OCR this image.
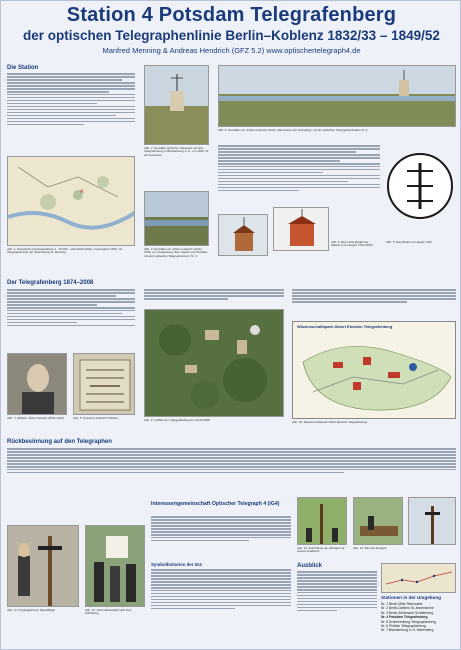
Station 4 Potsdam Telegrafenberg
der optischen Telegraphenlinie Berlin–Koblenz 1832/33 – 1849/52
Manfred Menning & Andreas Hendrich (GFZ 5.2) www.optischertelegraph4.de
Die Station
A
Abb. 1: Preußische Kartenaufnahme 1 : 25 000 – Uraufnahmeblatt, ursprünglich 1839, mit Telegraphenlinie (A). Bearbeitung M. Menning
Abb. 2: Gemälde Optischer Telegraph auf dem Telegrafenberg in Brandenburg a. H., um 1840. Öl auf Leinwand.
Abb. 3: Gemälde von Johann Heinrich Hintze, 1840, vom Kabelsberg über Caputh und Potsdam mit dem optischen Telegraphenturm Nr. 4
Abb. 4: Gemälde von Johann Heinrich Hintze „Panorama vom Heineberg“ mit der optischen Telegraphenstation Nr. 4
Abb. 6: (Der Holz) Modell der Station 4 von Eugen Chill (1854)
Abb. 5: Das Modell von Eugen Chill
Der Telegrafenberg 1874–2008
Abb. 7: Wilhelm Julius Foerster (1832–1921)	Abb. 8: Kronprinz Friedrich Wilhelm	Abb. 9: Luftbild vom Telegrafenberg am 24.04.2008
Wissenschaftspark Albert Einstein Telegrafenberg
Abb. 10: Wissenschaftspark Albert Einstein Telegrafenberg
Rückbesinnung auf den Telegraphen
Abb. 11: Originalgetreuer Signalflügel	Abb. 12: Informationstafel nach ihrer Enthüllung
Interessengemeinschaft Optischer Telegraph 4 (IG4)
Symbolhistorien der IG4
Abb. 13: Aufrichtung der Attrappe mit seinem Kraftwerk
Abb. 14: Bau der Attrappe
Ausblick
Stationen in der Umgebung
Nr. 1 Berlin-Mitte Sternwarte
Nr. 2 Berlin-Dahlem St. Annenkirche
Nr. 3 Berlin-Zehlendorf Schäferberg
Nr. 4 Potsdam Telegrafenberg
Nr. 5 Schenkenberg Telegraphenberg
Nr. 6 Phöben Telegraphenberg
Nr. 7 Brandenburg a. H. Marienberg
